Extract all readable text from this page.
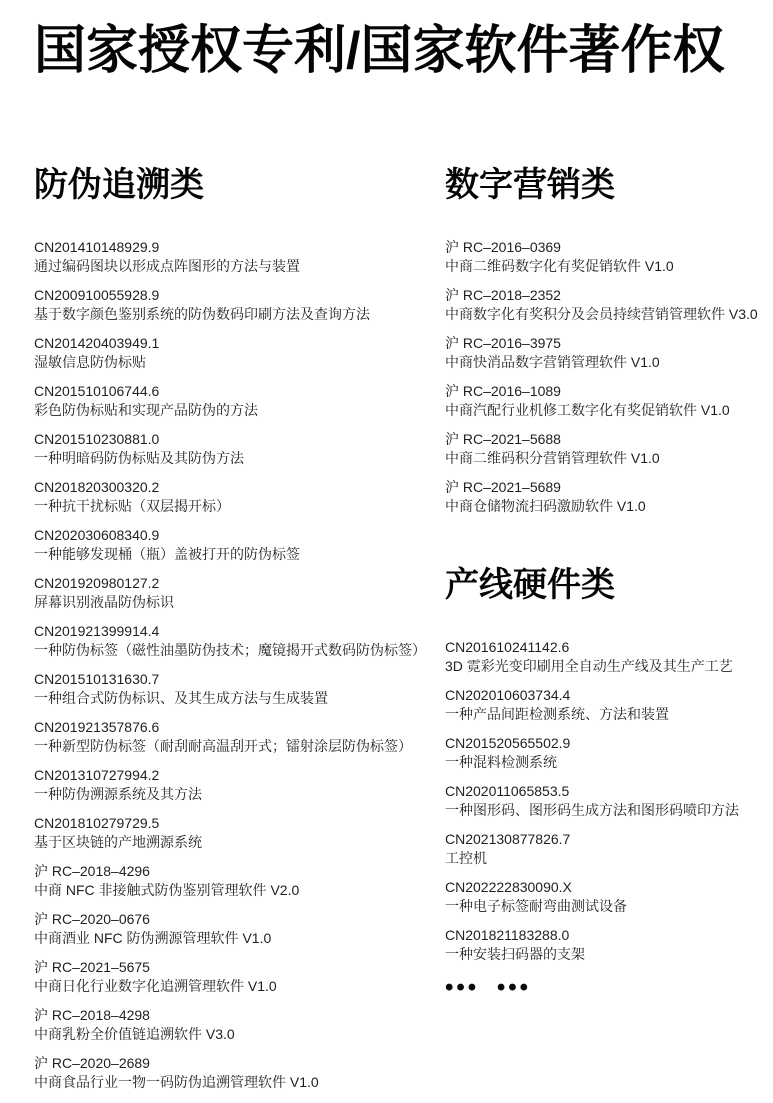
国家授权专利/国家软件著作权
防伪追溯类
CN201410148929.9
通过编码图块以形成点阵图形的方法与装置
CN200910055928.9
基于数字颜色鉴别系统的防伪数码印刷方法及查询方法
CN201420403949.1
湿敏信息防伪标贴
CN201510106744.6
彩色防伪标贴和实现产品防伪的方法
CN201510230881.0
一种明暗码防伪标贴及其防伪方法
CN201820300320.2
一种抗干扰标贴（双层揭开标）
CN202030608340.9
一种能够发现桶（瓶）盖被打开的防伪标签
CN201920980127.2
屏幕识别液晶防伪标识
CN201921399914.4
一种防伪标签（磁性油墨防伪技术；魔镜揭开式数码防伪标签）
CN201510131630.7
一种组合式防伪标识、及其生成方法与生成装置
CN201921357876.6
一种新型防伪标签（耐刮耐高温刮开式；镭射涂层防伪标签）
CN201310727994.2
一种防伪溯源系统及其方法
CN201810279729.5
基于区块链的产地溯源系统
沪 RC–2018–4296
中商 NFC 非接触式防伪鉴别管理软件 V2.0
沪 RC–2020–0676
中商酒业 NFC 防伪溯源管理软件 V1.0
沪 RC–2021–5675
中商日化行业数字化追溯管理软件 V1.0
沪 RC–2018–4298
中商乳粉全价值链追溯软件 V3.0
沪 RC–2020–2689
中商食品行业一物一码防伪追溯管理软件 V1.0
数字营销类
沪 RC–2016–0369
中商二维码数字化有奖促销软件 V1.0
沪 RC–2018–2352
中商数字化有奖积分及会员持续营销管理软件 V3.0
沪 RC–2016–3975
中商快消品数字营销管理软件 V1.0
沪 RC–2016–1089
中商汽配行业机修工数字化有奖促销软件 V1.0
沪 RC–2021–5688
中商二维码积分营销管理软件 V1.0
沪 RC–2021–5689
中商仓储物流扫码激励软件 V1.0
产线硬件类
CN201610241142.6
3D 霓彩光变印刷用全自动生产线及其生产工艺
CN202010603734.4
一种产品间距检测系统、方法和装置
CN201520565502.9
一种混料检测系统
CN202011065853.5
一种图形码、图形码生成方法和图形码喷印方法
CN202130877826.7
工控机
CN202222830090.X
一种电子标签耐弯曲测试设备
CN201821183288.0
一种安装扫码器的支架
••• •••
